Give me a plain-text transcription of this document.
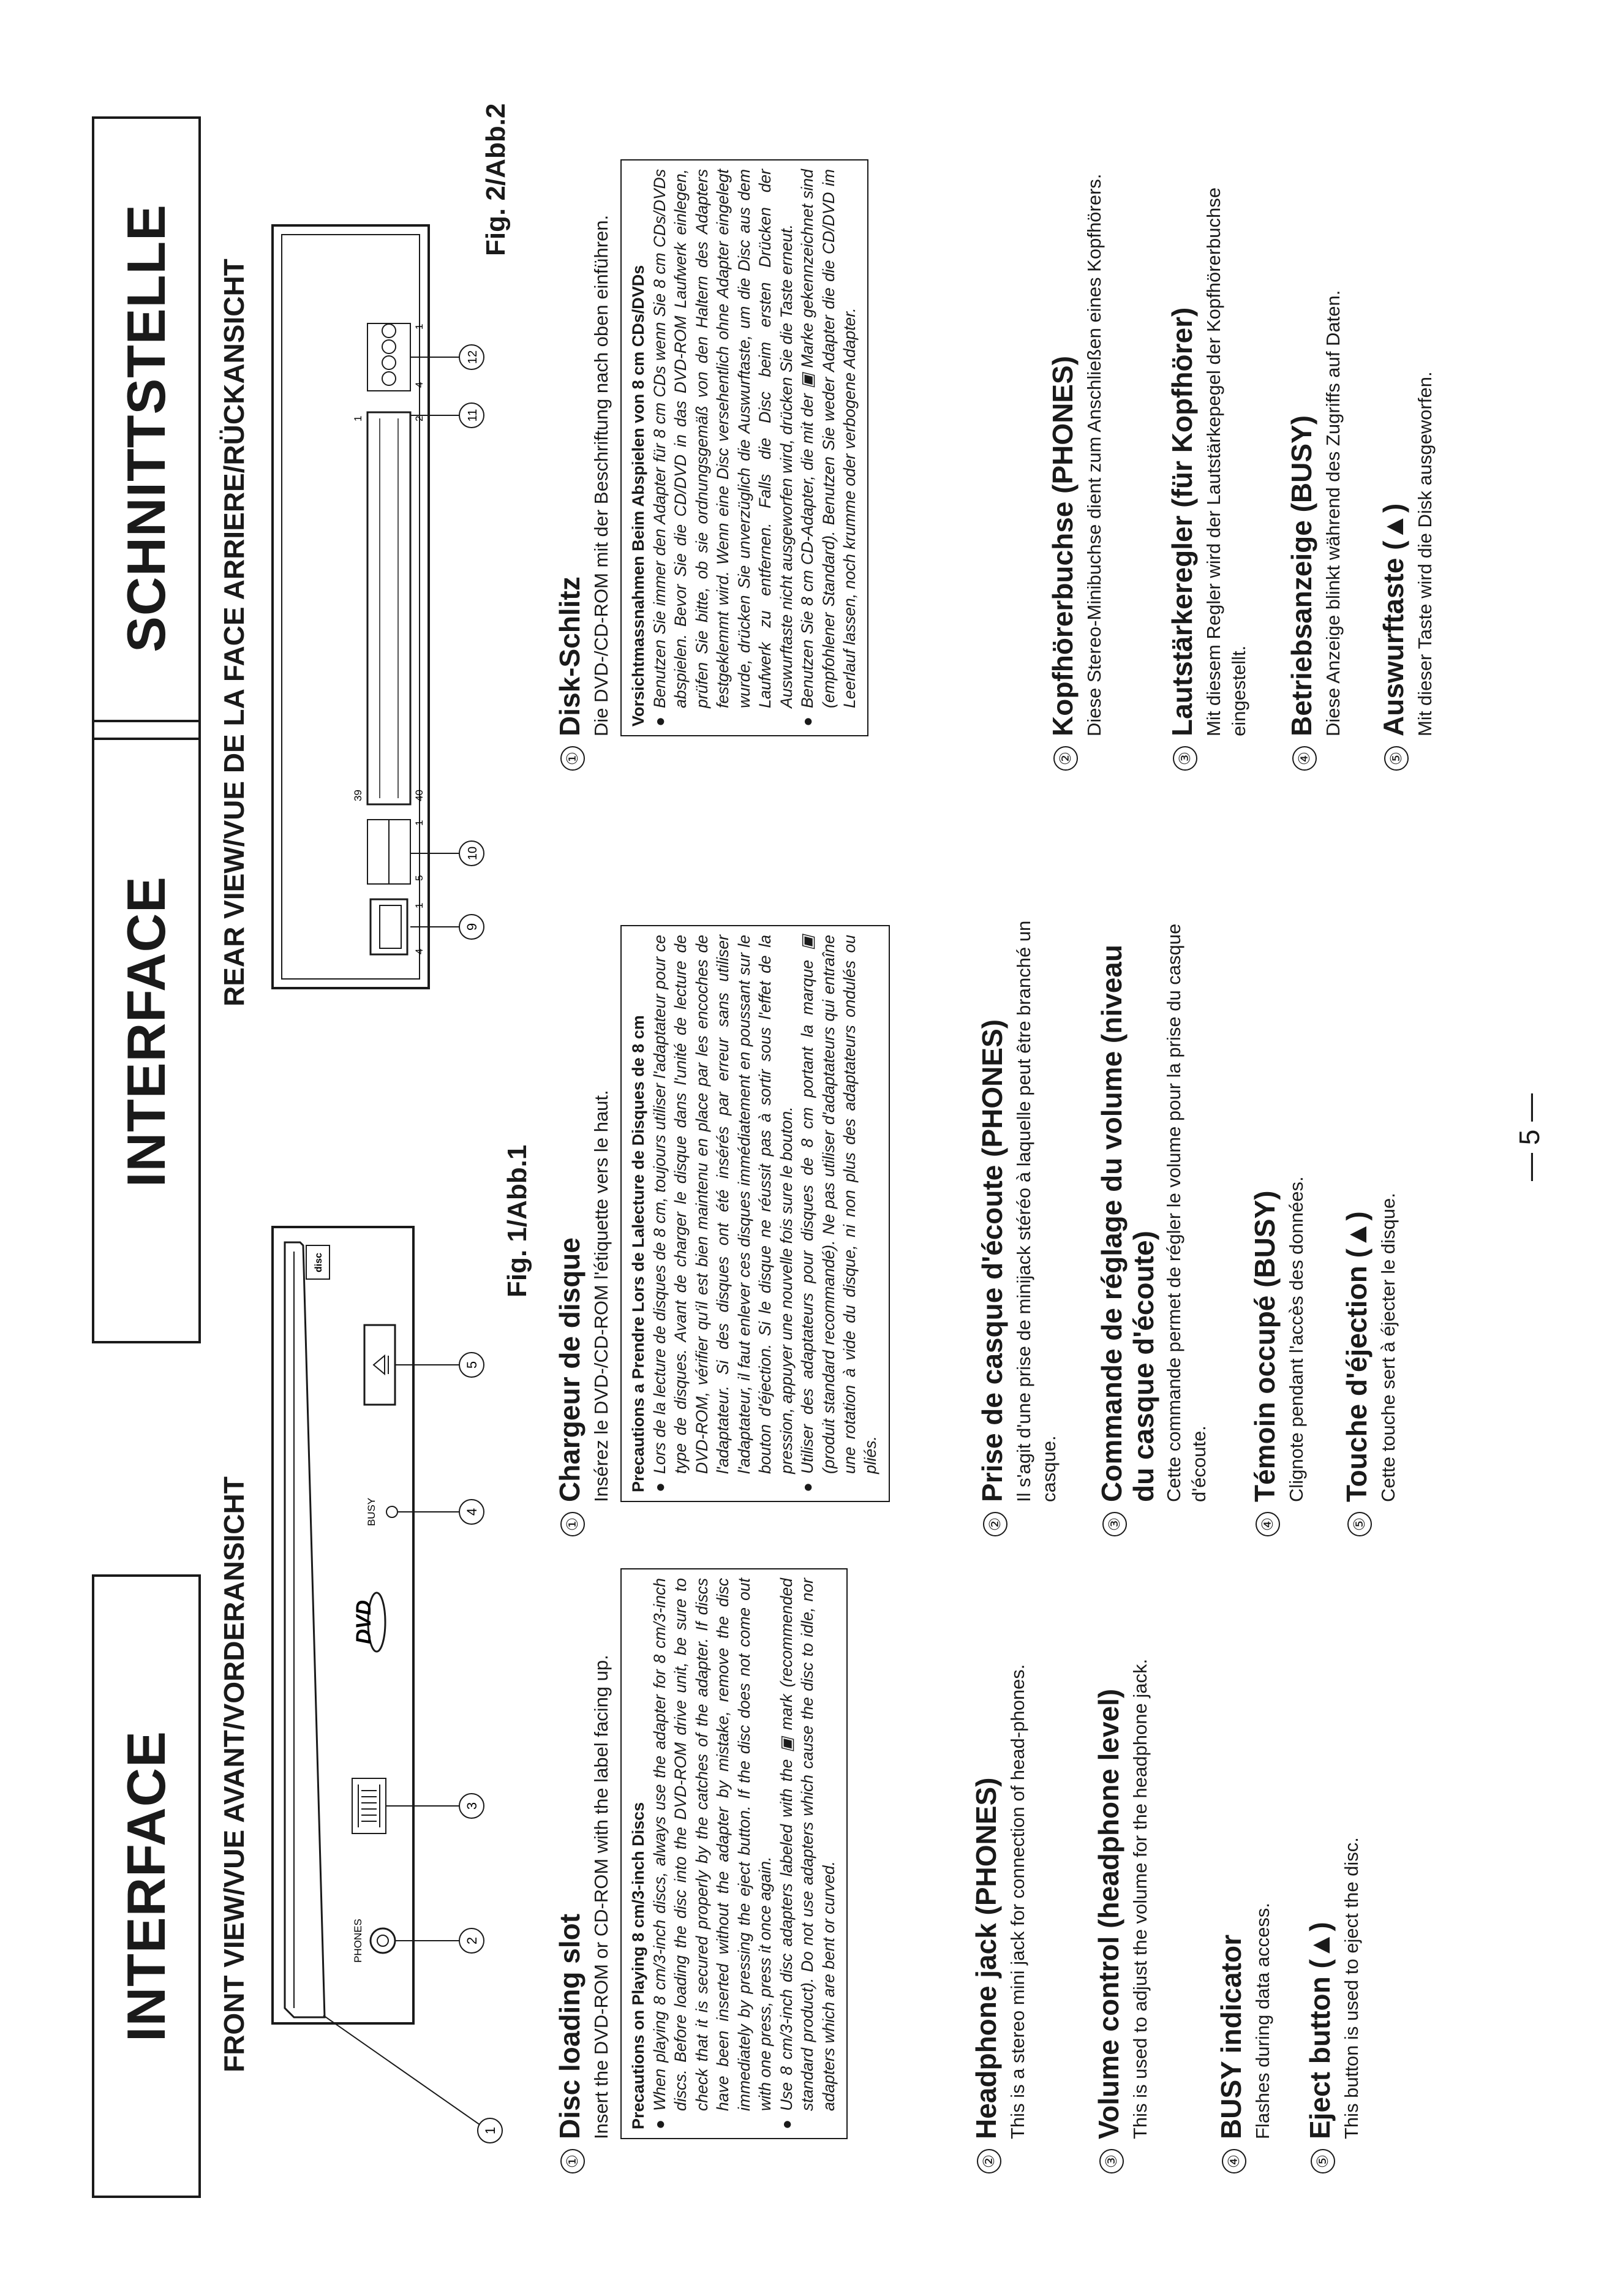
INTERFACE
INTERFACE
SCHNITTSTELLE
FRONT VIEW/VUE AVANT/VORDERANSICHT
REAR VIEW/VUE DE LA FACE ARRIERE/RÜCKANSICHT
disc
PHONES
DVD
BUSY
1
2
3
4
5
Fig. 1/Abb.1
4
1
5
1
40
39
2
4
1
1
9
10
11
12
Fig. 2/Abb.2
①
Disc loading slot Insert the DVD-ROM or CD-ROM with the label facing up. Precautions on Playing 8 cm/3-inch Discs ●
When playing 8 cm/3-inch discs, always use the adapter for 8 cm/3-inch discs. Before loading the disc into the DVD-ROM drive unit, be sure to check that it is secured properly by the catches of the adapter. If discs have been inserted without the adapter by mistake, remove the disc immediately by pressing the eject button. If the disc does not come out with one press, press it once again.
●
Use 8 cm/3-inch disc adapters labeled with the ▣ mark (recommended standard product). Do not use adapters which cause the disc to idle, nor adapters which are bent or curved.
②
Headphone jack (PHONES) This is a stereo mini jack for connection of head-phones.
③
Volume control (headphone level) This is used to adjust the volume for the headphone jack.
④
BUSY indicator Flashes during data access.
⑤
Eject button (▲) This button is used to eject the disc.
①
Chargeur de disque Insérez le DVD-/CD-ROM l'étiquette vers le haut. Precautions a Prendre Lors de Lalecture de Disques de 8 cm ●
Lors de la lecture de disques de 8 cm, toujours utiliser l'adaptateur pour ce type de disques. Avant de charger le disque dans l'unité de lecture de DVD-ROM, vérifier qu'il est bien maintenu en place par les encoches de l'adaptateur. Si des disques ont été insérés par erreur sans utiliser l'adaptateur, il faut enlever ces disques immédiatement en poussant sur le bouton d'éjection. Si le disque ne réussit pas à sortir sous l'effet de la pression, appuyer une nouvelle fois sure le bouton.
●
Utiliser des adaptateurs pour disques de 8 cm portant la marque ▣ (produit standard recommandé). Ne pas utiliser d'adaptateurs qui entraîne une rotation à vide du disque, ni non plus des adaptateurs ondulés ou pliés.
②
Prise de casque d'écoute (PHONES) Il s'agit d'une prise de minijack stéréo à laquelle peut être branché un casque.
③
Commande de réglage du volume (niveau du casque d'écoute) Cette commande permet de régler le volume pour la prise du casque d'écoute.
④
Témoin occupé (BUSY) Clignote pendant l'accès des données.
⑤
Touche d'éjection (▲) Cette touche sert à éjecter le disque.
①
Disk-Schlitz Die DVD-/CD-ROM mit der Beschriftung nach oben einführen. Vorsichtmassnahmen Beim Abspielen von 8 cm CDs/DVDs ●
Benutzen Sie immer den Adapter für 8 cm CDs wenn Sie 8 cm CDs/DVDs abspielen. Bevor Sie die CD/DVD in das DVD-ROM Laufwerk einlegen, prüfen Sie bitte, ob sie ordnungsgemäß von den Haltern des Adapters festgeklemmt wird. Wenn eine Disc versehentlich ohne Adapter eingelegt wurde, drücken Sie unverzüglich die Auswurftaste, um die Disc aus dem Laufwerk zu entfernen. Falls die Disc beim ersten Drücken der Auswurftaste nicht ausgeworfen wird, drücken Sie die Taste erneut.
●
Benutzen Sie 8 cm CD-Adapter, die mit der ▣ Marke gekennzeichnet sind (empfohlener Standard). Benutzen Sie weder Adapter die die CD/DVD im Leerlauf lassen, noch krumme oder verbogene Adapter.
②
Kopfhörerbuchse (PHONES) Diese Stereo-Minibuchse dient zum Anschließen eines Kopfhörers.
③
Lautstärkeregler (für Kopfhörer) Mit diesem Regler wird der Lautstärkepegel der Kopfhörerbuchse eingestellt.
④
Betriebsanzeige (BUSY) Diese Anzeige blinkt während des Zugriffs auf Daten.
⑤
Auswurftaste (▲) Mit dieser Taste wird die Disk ausgeworfen.
— 5 —
